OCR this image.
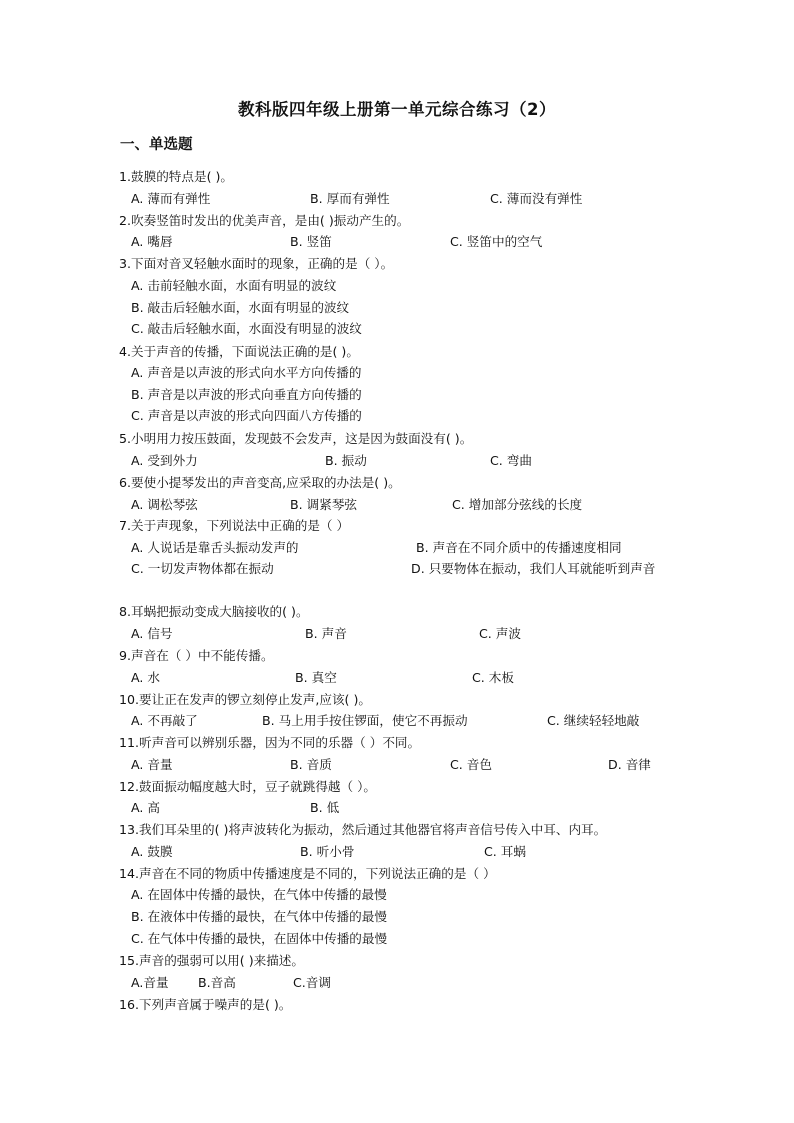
教科版四年级上册第一单元综合练习（2）
一、单选题
1.鼓膜的特点是( )。
A. 薄而有弹性	B. 厚而有弹性	C. 薄而没有弹性
2.吹奏竖笛时发出的优美声音，是由( )振动产生的。
A. 嘴唇	B. 竖笛	C. 竖笛中的空气
3.下面对音叉轻触水面时的现象，正确的是（ ）。
A. 击前轻触水面，水面有明显的波纹
B. 敲击后轻触水面，水面有明显的波纹
C. 敲击后轻触水面，水面没有明显的波纹
4.关于声音的传播，下面说法正确的是( )。
A. 声音是以声波的形式向水平方向传播的
B. 声音是以声波的形式向垂直方向传播的
C. 声音是以声波的形式向四面八方传播的
5.小明用力按压鼓面，发现鼓不会发声，这是因为鼓面没有( )。
A. 受到外力	B. 振动	C. 弯曲
6.要使小提琴发出的声音变高,应采取的办法是( )。
A. 调松琴弦	B. 调紧琴弦	C. 增加部分弦线的长度
7.关于声现象，下列说法中正确的是（ ）
A. 人说话是靠舌头振动发声的	B. 声音在不同介质中的传播速度相同
C. 一切发声物体都在振动	D. 只要物体在振动，我们人耳就能听到声音
8.耳蜗把振动变成大脑接收的( )。
A. 信号	B. 声音	C. 声波
9.声音在（ ）中不能传播。
A. 水	B. 真空	C. 木板
10.要让正在发声的锣立刻停止发声,应该( )。
A. 不再敲了	B. 马上用手按住锣面，使它不再振动	C. 继续轻轻地敲
11.听声音可以辨别乐器，因为不同的乐器（ ）不同。
A. 音量	B. 音质	C. 音色	D. 音律
12.鼓面振动幅度越大时，豆子就跳得越（ ）。
A. 高	B. 低
13.我们耳朵里的( )将声波转化为振动，然后通过其他器官将声音信号传入中耳、内耳。
A. 鼓膜	B. 听小骨	C. 耳蜗
14.声音在不同的物质中传播速度是不同的，下列说法正确的是（ ）
A. 在固体中传播的最快，在气体中传播的最慢
B. 在液体中传播的最快，在气体中传播的最慢
C. 在气体中传播的最快，在固体中传播的最慢
15.声音的强弱可以用( )来描述。
A.音量 B.音高	C.音调
16.下列声音属于噪声的是( )。
